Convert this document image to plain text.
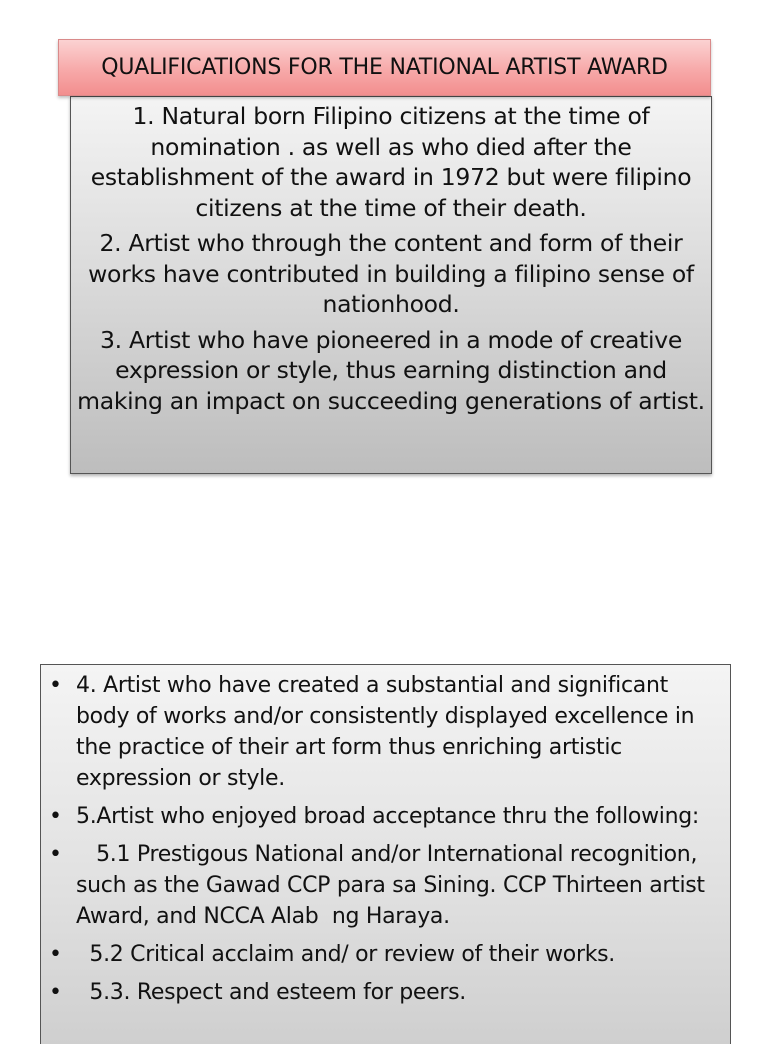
QUALIFICATIONS FOR THE NATIONAL ARTIST AWARD

1. Natural born Filipino citizens at the time of nomination . as well as who died after the establishment of the award in 1972 but were filipino citizens at the time of their death.

2. Artist who through the content and form of their works have contributed in building a filipino sense of nationhood.

3. Artist who have pioneered in a mode of creative expression or style, thus earning distinction and making an impact on succeeding generations of artist.

• 4. Artist who have created a substantial and significant body of works and/or consistently displayed excellence in the practice of their art form thus enriching artistic expression or style.
• 5.Artist who enjoyed broad acceptance thru the following:
• 5.1 Prestigous National and/or International recognition, such as the Gawad CCP para sa Sining. CCP Thirteen artist Award, and NCCA Alab  ng Haraya.
• 5.2 Critical acclaim and/ or review of their works.
• 5.3. Respect and esteem for peers.
